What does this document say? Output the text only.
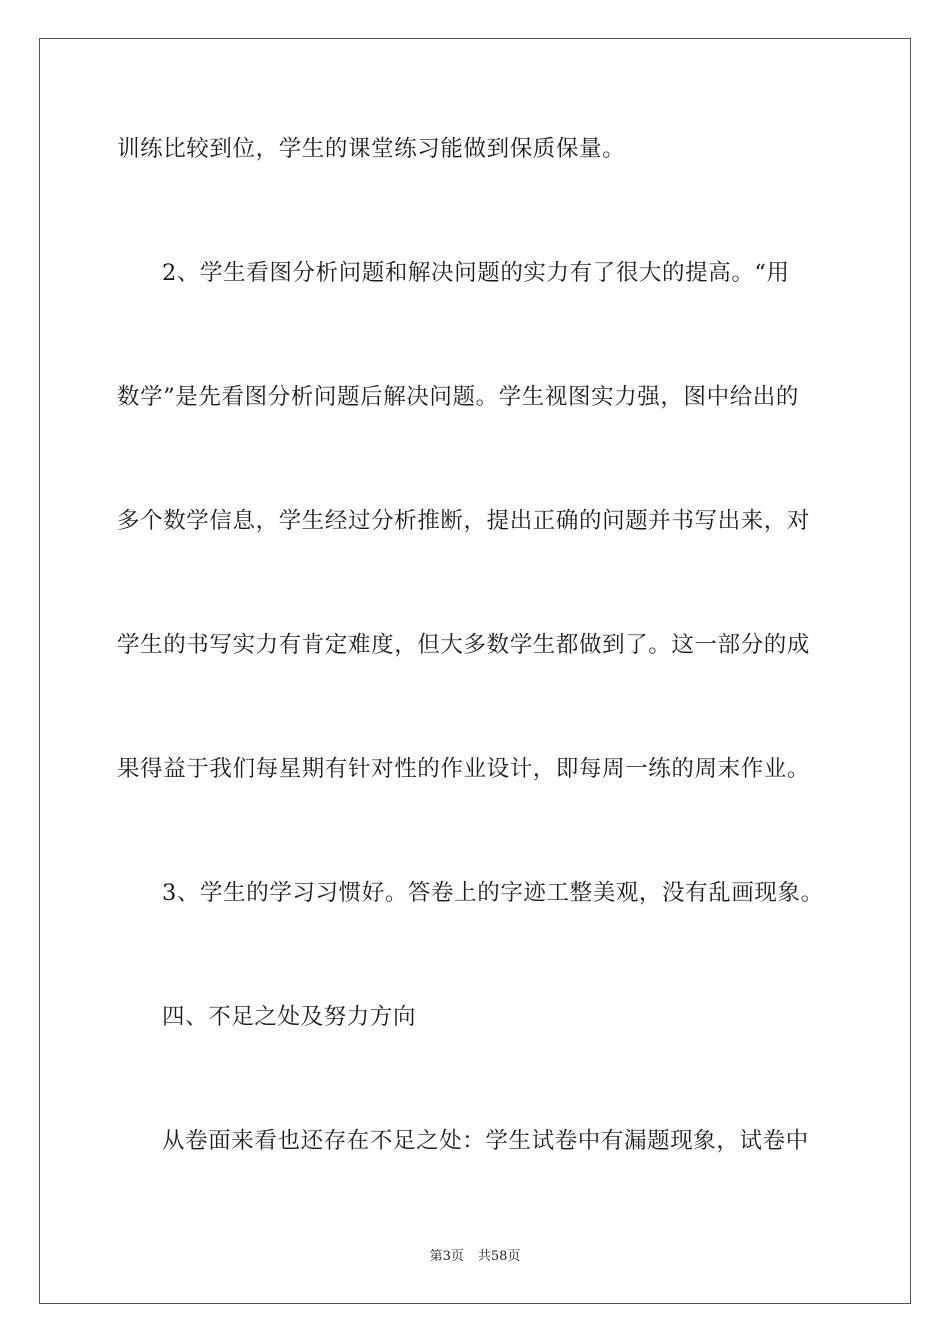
训练比较到位，学生的课堂练习能做到保质保量。
2、学生看图分析问题和解决问题的实力有了很大的提高。“用
数学”是先看图分析问题后解决问题。学生视图实力强，图中给出的
多个数学信息，学生经过分析推断，提出正确的问题并书写出来，对
学生的书写实力有肯定难度，但大多数学生都做到了。这一部分的成
果得益于我们每星期有针对性的作业设计，即每周一练的周末作业。
3、学生的学习习惯好。答卷上的字迹工整美观，没有乱画现象。
四、不足之处及努力方向
从卷面来看也还存在不足之处：学生试卷中有漏题现象，试卷中
第3页 共58页
